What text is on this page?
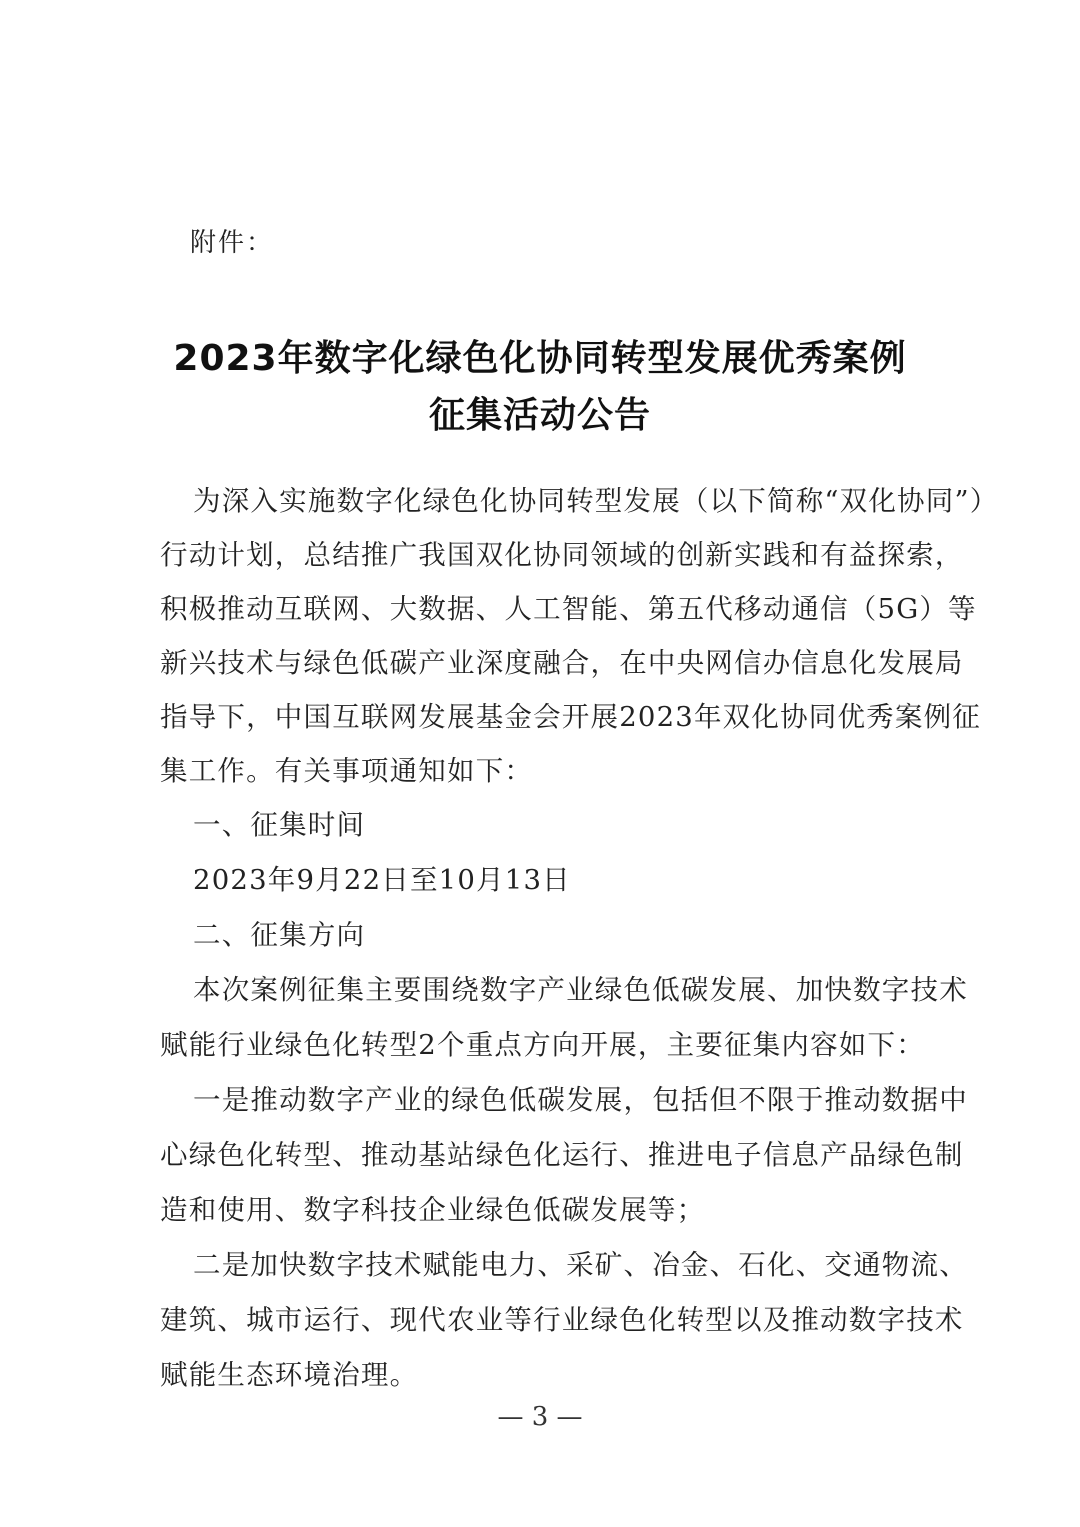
附件：
2023年数字化绿色化协同转型发展优秀案例
征集活动公告
为深入实施数字化绿色化协同转型发展（以下简称“双化协同”）
行动计划，总结推广我国双化协同领域的创新实践和有益探索，
积极推动互联网、大数据、人工智能、第五代移动通信（5G）等
新兴技术与绿色低碳产业深度融合，在中央网信办信息化发展局
指导下，中国互联网发展基金会开展2023年双化协同优秀案例征
集工作。有关事项通知如下：
一、征集时间
2023年9月22日至10月13日
二、征集方向
本次案例征集主要围绕数字产业绿色低碳发展、加快数字技术
赋能行业绿色化转型2个重点方向开展，主要征集内容如下：
一是推动数字产业的绿色低碳发展，包括但不限于推动数据中
心绿色化转型、推动基站绿色化运行、推进电子信息产品绿色制
造和使用、数字科技企业绿色低碳发展等；
二是加快数字技术赋能电力、采矿、冶金、石化、交通物流、
建筑、城市运行、现代农业等行业绿色化转型以及推动数字技术
赋能生态环境治理。
— 3 —
